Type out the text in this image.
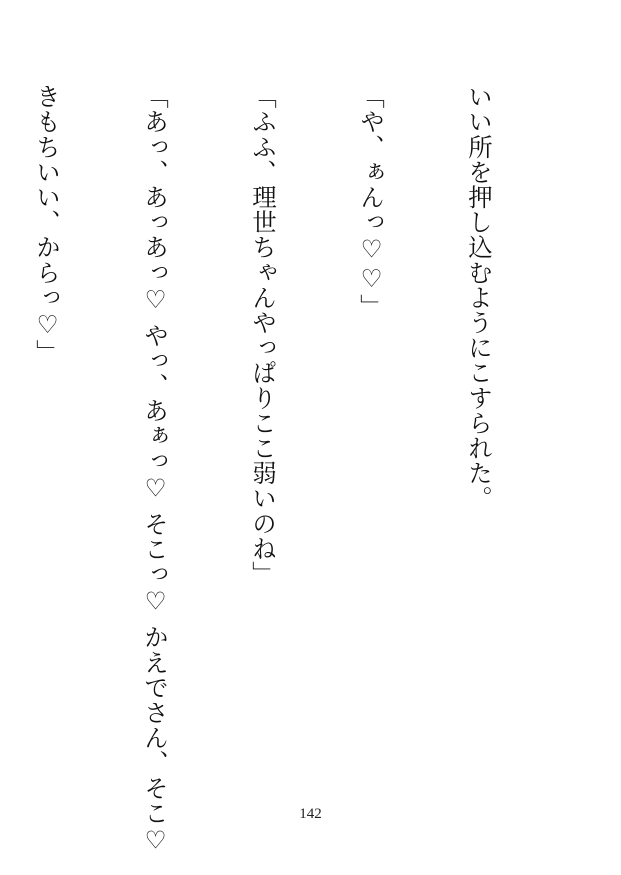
いい所を押し込むようにこすられた。

「や、ぁんっ♡♡」

「ふふ、理世ちゃんやっぱりここ弱いのね」

「あっ、あっあっ♡ やっ、あぁっ♡ そこっ♡ かえでさん、そこ♡

きもちいい、からっ♡」

142
